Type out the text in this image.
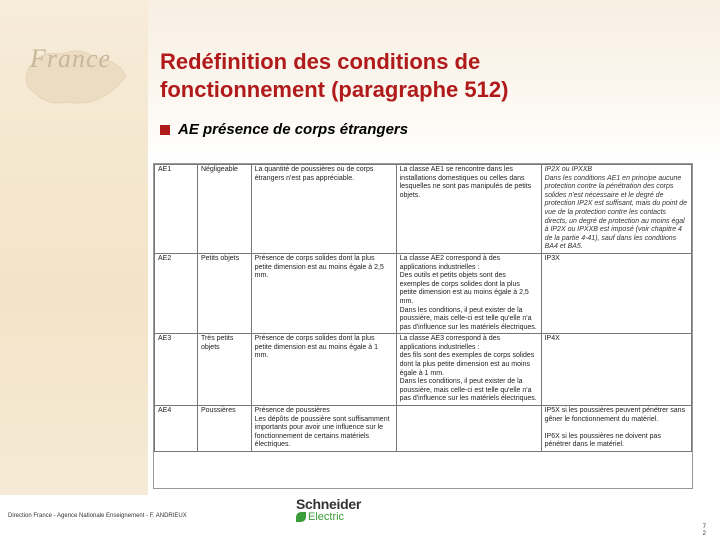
France Redéfinition des conditions de
fonctionnement (paragraphe 512)
AE présence de corps étrangers
AE1	Négligeable	La quantité de poussières ou de corps étrangers n'est pas appréciable.	La classe AE1 se rencontre dans les installations domestiques ou celles dans lesquelles ne sont pas manipulés de petits objets.	IP2X ou IPXXB
Dans les conditions AE1 en principe aucune protection contre la pénétration des corps solides n'est nécessaire et le degré de protection IP2X est suffisant, mais du point de vue de la protection contre les contacts directs, un degré de protection au moins égal à IP2X ou IPXXB est imposé (voir chapitre 4 de la partie 4-41), sauf dans les conditions BA4 et BA5.
AE2	Petits objets	Présence de corps solides dont la plus petite dimension est au moins égale à 2,5 mm.	La classe AE2 correspond à des applications industrielles :
Des outils et petits objets sont des exemples de corps solides dont la plus petite dimension est au moins égale à 2,5 mm.
Dans les conditions, il peut exister de la poussière, mais celle-ci est telle qu'elle n'a pas d'influence sur les matériels électriques.	IP3X
AE3	Très petits objets	Présence de corps solides dont la plus petite dimension est au moins égale à 1 mm.	La classe AE3 correspond à des applications industrielles :
des fils sont des exemples de corps solides dont la plus petite dimension est au moins égale à 1 mm.
Dans les conditions, il peut exister de la poussière, mais celle-ci est telle qu'elle n'a pas d'influence sur les matériels électriques.	IP4X
AE4	Poussières	Présence de poussières
Les dépôts de poussière sont suffisamment importants pour avoir une influence sur le fonctionnement de certains matériels électriques.		IP5X si les poussières peuvent pénétrer sans gêner le fonctionnement du matériel.

IP6X si les poussières ne doivent pas pénétrer dans le matériel.
Direction France - Agence Nationale Enseignement - F. ANDRIEUX
Schneider
Electric
7
2
